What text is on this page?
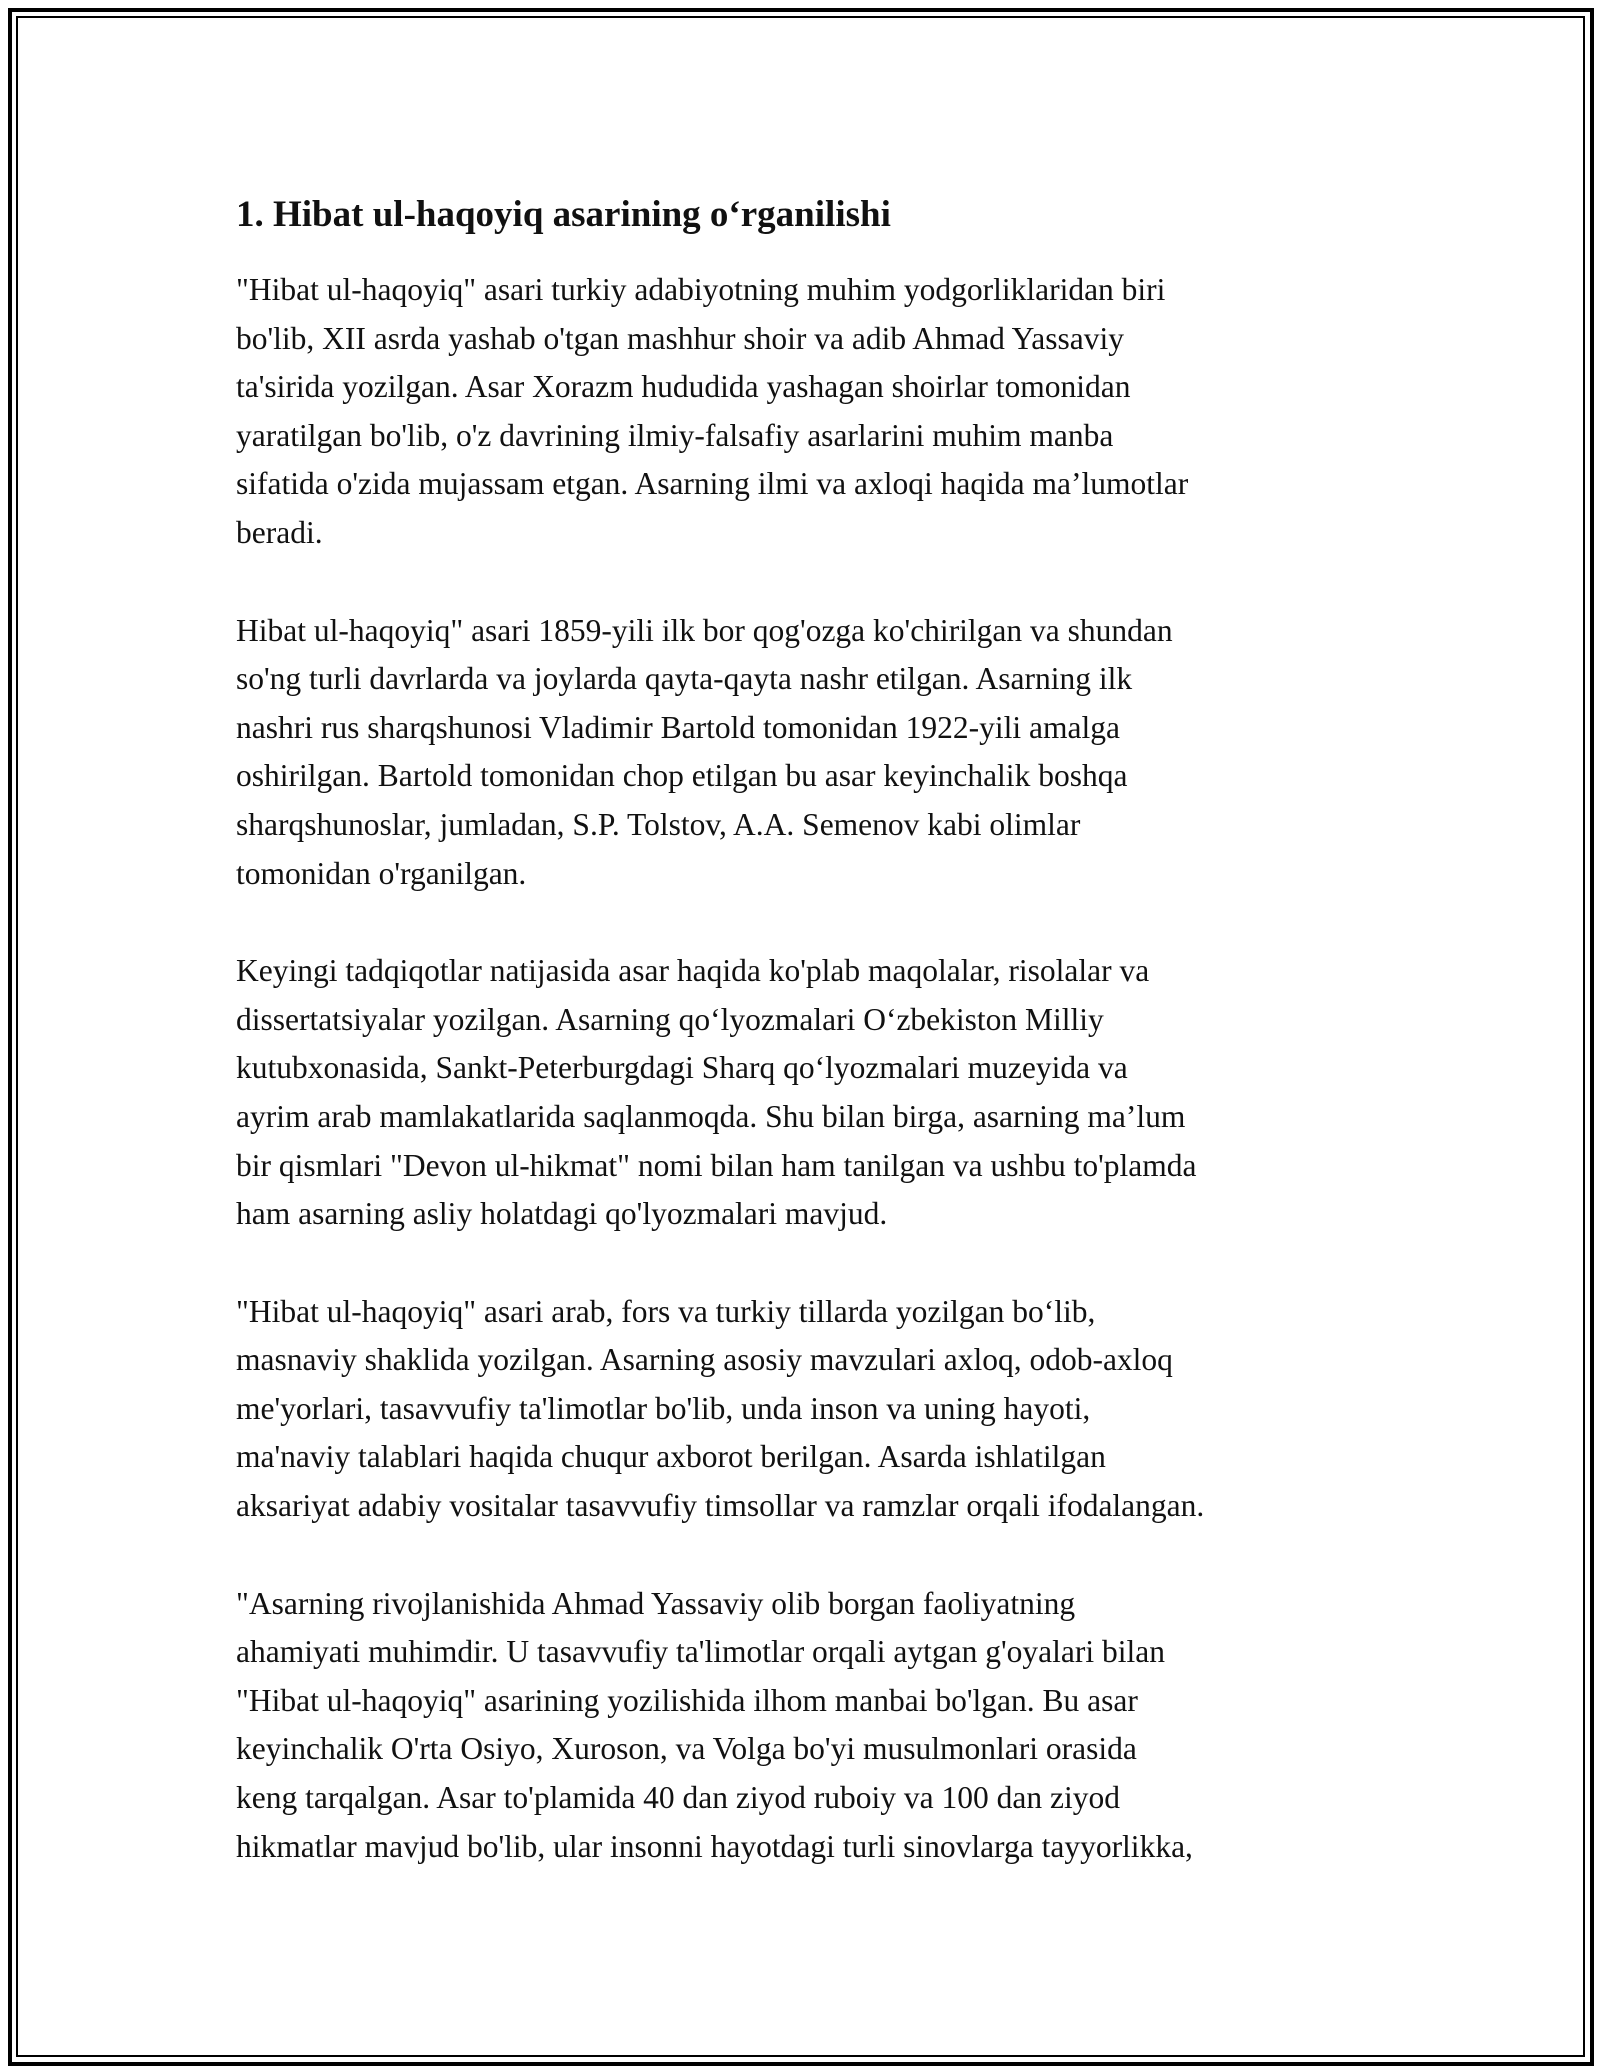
1. Hibat ul-haqoyiq asarining o‘rganilishi

"Hibat ul-haqoyiq" asari turkiy adabiyotning muhim yodgorliklaridan biri
bo'lib, XII asrda yashab o'tgan mashhur shoir va adib Ahmad Yassaviy
ta'sirida yozilgan. Asar Xorazm hududida yashagan shoirlar tomonidan
yaratilgan bo'lib, o'z davrining ilmiy-falsafiy asarlarini muhim manba
sifatida o'zida mujassam etgan. Asarning ilmi va axloqi haqida ma’lumotlar
beradi.

Hibat ul-haqoyiq" asari 1859-yili ilk bor qog'ozga ko'chirilgan va shundan
so'ng turli davrlarda va joylarda qayta-qayta nashr etilgan. Asarning ilk
nashri rus sharqshunosi Vladimir Bartold tomonidan 1922-yili amalga
oshirilgan. Bartold tomonidan chop etilgan bu asar keyinchalik boshqa
sharqshunoslar, jumladan, S.P. Tolstov, A.A. Semenov kabi olimlar
tomonidan o'rganilgan.

Keyingi tadqiqotlar natijasida asar haqida ko'plab maqolalar, risolalar va
dissertatsiyalar yozilgan. Asarning qo‘lyozmalari O‘zbekiston Milliy
kutubxonasida, Sankt-Peterburgdagi Sharq qo‘lyozmalari muzeyida va
ayrim arab mamlakatlarida saqlanmoqda. Shu bilan birga, asarning ma’lum
bir qismlari "Devon ul-hikmat" nomi bilan ham tanilgan va ushbu to'plamda
ham asarning asliy holatdagi qo'lyozmalari mavjud.

"Hibat ul-haqoyiq" asari arab, fors va turkiy tillarda yozilgan bo‘lib,
masnaviy shaklida yozilgan. Asarning asosiy mavzulari axloq, odob-axloq
me'yorlari, tasavvufiy ta'limotlar bo'lib, unda inson va uning hayoti,
ma'naviy talablari haqida chuqur axborot berilgan. Asarda ishlatilgan
aksariyat adabiy vositalar tasavvufiy timsollar va ramzlar orqali ifodalangan.

"Asarning rivojlanishida Ahmad Yassaviy olib borgan faoliyatning
ahamiyati muhimdir. U tasavvufiy ta'limotlar orqali aytgan g'oyalari bilan
"Hibat ul-haqoyiq" asarining yozilishida ilhom manbai bo'lgan. Bu asar
keyinchalik O'rta Osiyo, Xuroson, va Volga bo'yi musulmonlari orasida
keng tarqalgan. Asar to'plamida 40 dan ziyod ruboiy va 100 dan ziyod
hikmatlar mavjud bo'lib, ular insonni hayotdagi turli sinovlarga tayyorlikka,
